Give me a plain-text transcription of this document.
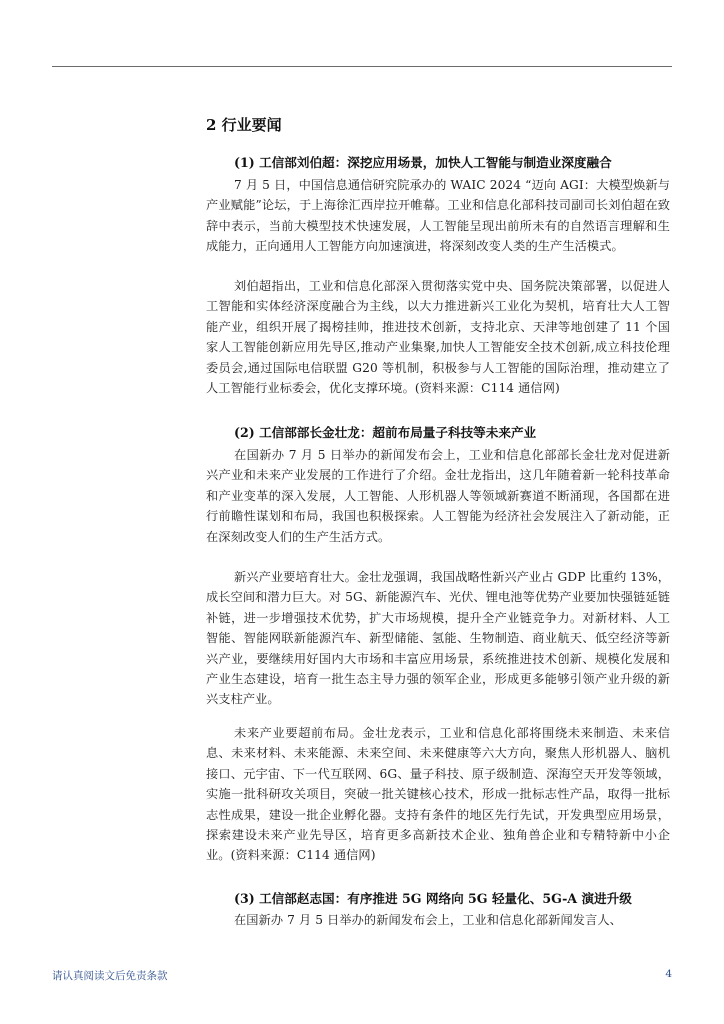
2 行业要闻
(1) 工信部刘伯超：深挖应用场景，加快人工智能与制造业深度融合
7 月 5 日，中国信息通信研究院承办的 WAIC 2024 “迈向 AGI：大模型焕新与产业赋能”论坛，于上海徐汇西岸拉开帷幕。工业和信息化部科技司副司长刘伯超在致辞中表示，当前大模型技术快速发展，人工智能呈现出前所未有的自然语言理解和生成能力，正向通用人工智能方向加速演进，将深刻改变人类的生产生活模式。
刘伯超指出，工业和信息化部深入贯彻落实党中央、国务院决策部署，以促进人工智能和实体经济深度融合为主线，以大力推进新兴工业化为契机，培育壮大人工智能产业，组织开展了揭榜挂帅，推进技术创新，支持北京、天津等地创建了 11 个国家人工智能创新应用先导区,推动产业集聚,加快人工智能安全技术创新,成立科技伦理委员会,通过国际电信联盟 G20 等机制，积极参与人工智能的国际治理，推动建立了人工智能行业标委会，优化支撑环境。(资料来源：C114 通信网)
(2) 工信部部长金壮龙：超前布局量子科技等未来产业
在国新办 7 月 5 日举办的新闻发布会上，工业和信息化部部长金壮龙对促进新兴产业和未来产业发展的工作进行了介绍。金壮龙指出，这几年随着新一轮科技革命和产业变革的深入发展，人工智能、人形机器人等领域新赛道不断涌现，各国都在进行前瞻性谋划和布局，我国也积极探索。人工智能为经济社会发展注入了新动能，正在深刻改变人们的生产生活方式。
新兴产业要培育壮大。金壮龙强调，我国战略性新兴产业占 GDP 比重约 13%，成长空间和潜力巨大。对 5G、新能源汽车、光伏、锂电池等优势产业要加快强链延链补链，进一步增强技术优势，扩大市场规模，提升全产业链竞争力。对新材料、人工智能、智能网联新能源汽车、新型储能、氢能、生物制造、商业航天、低空经济等新兴产业，要继续用好国内大市场和丰富应用场景，系统推进技术创新、规模化发展和产业生态建设，培育一批生态主导力强的领军企业，形成更多能够引领产业升级的新兴支柱产业。
未来产业要超前布局。金壮龙表示，工业和信息化部将围绕未来制造、未来信息、未来材料、未来能源、未来空间、未来健康等六大方向，聚焦人形机器人、脑机接口、元宇宙、下一代互联网、6G、量子科技、原子级制造、深海空天开发等领域，实施一批科研攻关项目，突破一批关键核心技术，形成一批标志性产品，取得一批标志性成果，建设一批企业孵化器。支持有条件的地区先行先试，开发典型应用场景，探索建设未来产业先导区，培育更多高新技术企业、独角兽企业和专精特新中小企业。(资料来源：C114 通信网)
(3) 工信部赵志国：有序推进 5G 网络向 5G 轻量化、5G-A 演进升级
在国新办 7 月 5 日举办的新闻发布会上，工业和信息化部新闻发言人、
请认真阅读文后免责条款	4
